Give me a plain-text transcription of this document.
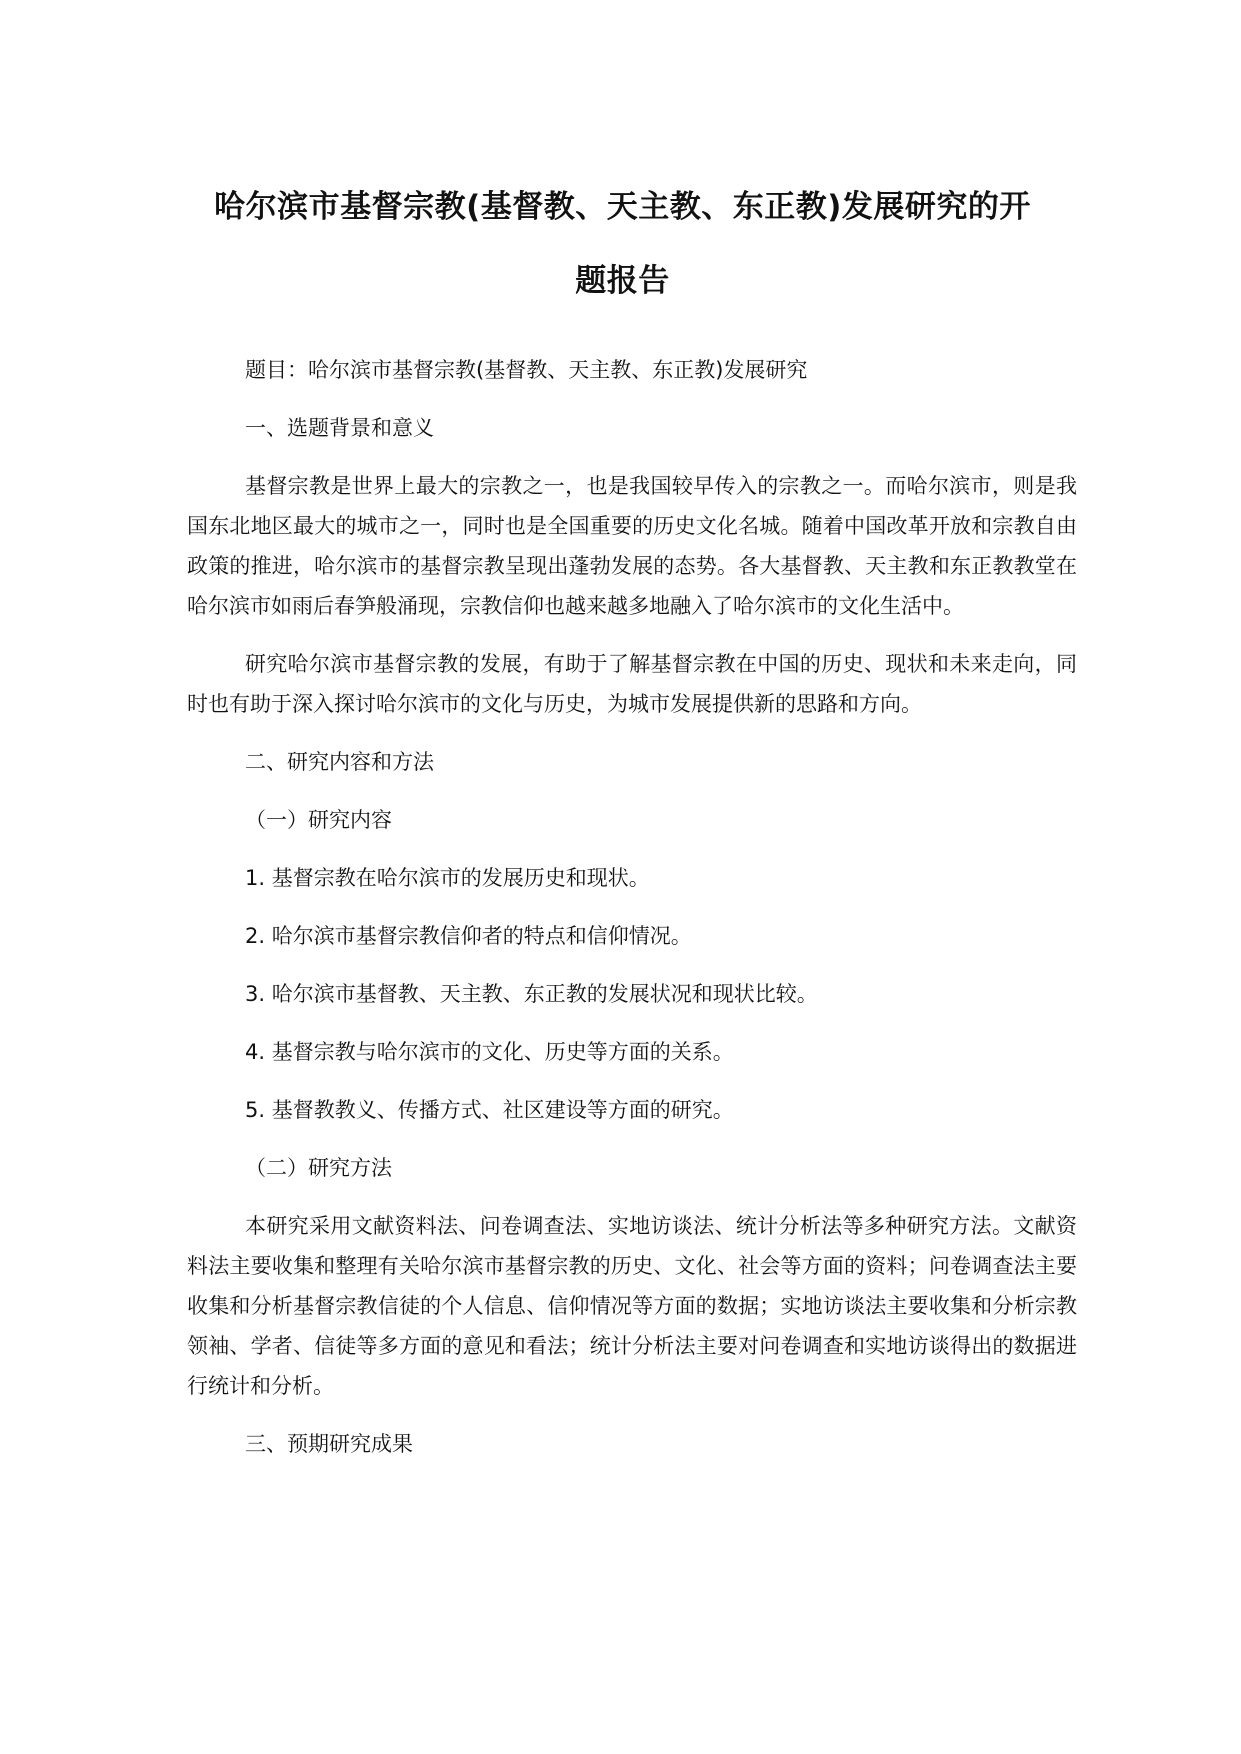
哈尔滨市基督宗教(基督教、天主教、东正教)发展研究的开
题报告

题目：哈尔滨市基督宗教(基督教、天主教、东正教)发展研究

一、选题背景和意义

基督宗教是世界上最大的宗教之一，也是我国较早传入的宗教之一。而哈尔滨市，则是我国东北地区最大的城市之一，同时也是全国重要的历史文化名城。随着中国改革开放和宗教自由政策的推进，哈尔滨市的基督宗教呈现出蓬勃发展的态势。各大基督教、天主教和东正教教堂在哈尔滨市如雨后春笋般涌现，宗教信仰也越来越多地融入了哈尔滨市的文化生活中。

研究哈尔滨市基督宗教的发展，有助于了解基督宗教在中国的历史、现状和未来走向，同时也有助于深入探讨哈尔滨市的文化与历史，为城市发展提供新的思路和方向。

二、研究内容和方法

（一）研究内容

1. 基督宗教在哈尔滨市的发展历史和现状。

2. 哈尔滨市基督宗教信仰者的特点和信仰情况。

3. 哈尔滨市基督教、天主教、东正教的发展状况和现状比较。

4. 基督宗教与哈尔滨市的文化、历史等方面的关系。

5. 基督教教义、传播方式、社区建设等方面的研究。

（二）研究方法

本研究采用文献资料法、问卷调查法、实地访谈法、统计分析法等多种研究方法。文献资料法主要收集和整理有关哈尔滨市基督宗教的历史、文化、社会等方面的资料；问卷调查法主要收集和分析基督宗教信徒的个人信息、信仰情况等方面的数据；实地访谈法主要收集和分析宗教领袖、学者、信徒等多方面的意见和看法；统计分析法主要对问卷调查和实地访谈得出的数据进行统计和分析。

三、预期研究成果
